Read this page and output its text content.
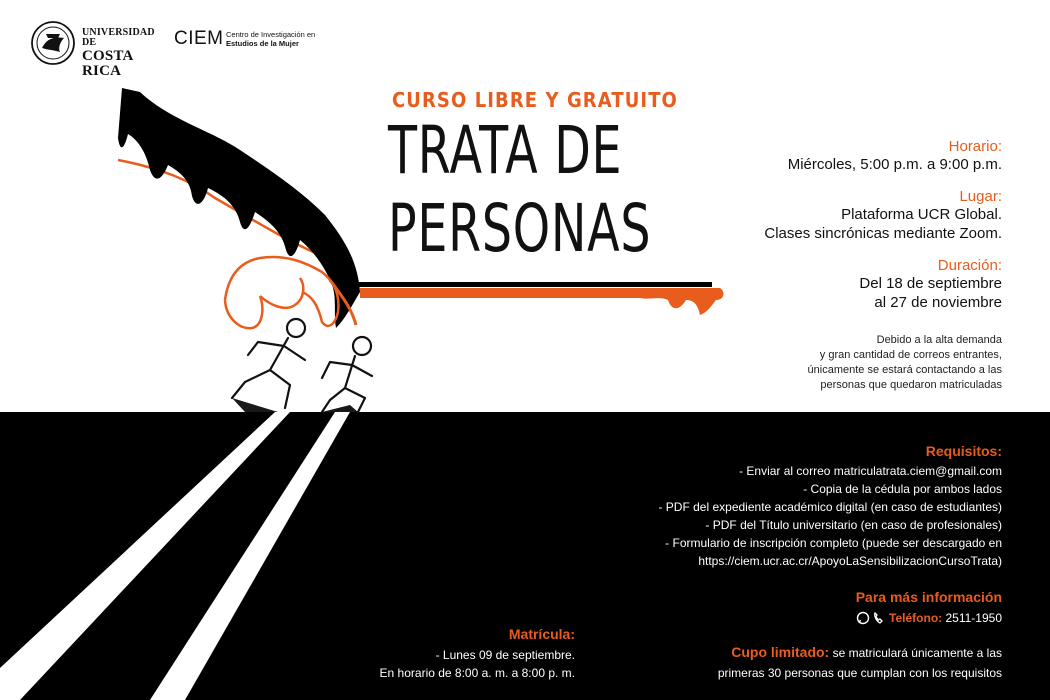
UNIVERSIDAD DE
COSTA RICA
CIEM Centro de Investigación en
Estudios de la Mujer
CURSO LIBRE Y GRATUITO
TRATA DE
PERSONAS
Horario:
Miércoles, 5:00 p.m. a 9:00 p.m.
Lugar:
Plataforma UCR Global.
Clases sincrónicas mediante Zoom.
Duración:
Del 18 de septiembre
al 27 de noviembre
Debido a la alta demanda
y gran cantidad de correos entrantes,
únicamente se estará contactando a las
personas que quedaron matriculadas
Requisitos:
- Enviar al correo matriculatrata.ciem@gmail.com
- Copia de la cédula por ambos lados
- PDF del expediente académico digital (en caso de estudiantes)
- PDF del Título universitario (en caso de profesionales)
- Formulario de inscripción completo (puede ser descargado en
https://ciem.ucr.ac.cr/ApoyoLaSensibilizacionCursoTrata)
Para más información
Teléfono: 2511-1950
Cupo limitado: se matriculará únicamente a las
primeras 30 personas que cumplan con los requisitos
Matrícula:
- Lunes 09 de septiembre.
En horario de 8:00 a. m. a 8:00 p. m.
